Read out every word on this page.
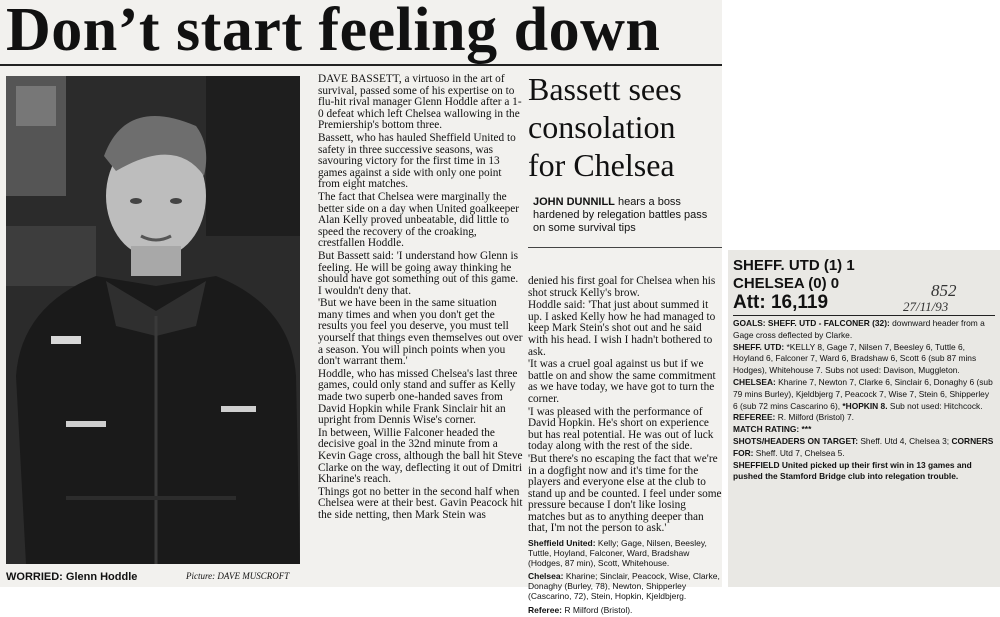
Don’t start feeling down
WORRIED: Glenn Hoddle	Picture: DAVE MUSCROFT

DAVE BASSETT, a virtuoso in the art of survival, passed some of his expertise on to flu-hit rival manager Glenn Hoddle after a 1-0 defeat which left Chelsea wallowing in the Premiership's bottom three.

Bassett, who has hauled Sheffield United to safety in three successive seasons, was savouring victory for the first time in 13 games against a side with only one point from eight matches.

The fact that Chelsea were marginally the better side on a day when United goalkeeper Alan Kelly proved unbeatable, did little to speed the recovery of the croaking, crestfallen Hoddle.

But Bassett said: 'I understand how Glenn is feeling. He will be going away thinking he should have got something out of this game. I wouldn't deny that.

'But we have been in the same situation many times and when you don't get the results you feel you deserve, you must tell yourself that things even themselves out over a season. You will pinch points when you don't warrant them.'

Hoddle, who has missed Chelsea's last three games, could only stand and suffer as Kelly made two superb one-handed saves from David Hopkin while Frank Sinclair hit an upright from Dennis Wise's corner.

In between, Willie Falconer headed the decisive goal in the 32nd minute from a Kevin Gage cross, although the ball hit Steve Clarke on the way, deflecting it out of Dmitri Kharine's reach.

Things got no better in the second half when Chelsea were at their best. Gavin Peacock hit the side netting, then Mark Stein was

Bassett sees
consolation
for Chelsea
JOHN DUNNILL hears a boss hardened by relegation battles pass on some survival tips

denied his first goal for Chelsea when his shot struck Kelly's brow.

Hoddle said: 'That just about summed it up. I asked Kelly how he had managed to keep Mark Stein's shot out and he said with his head. I wish I hadn't bothered to ask.

'It was a cruel goal against us but if we battle on and show the same commitment as we have today, we have got to turn the corner.

'I was pleased with the performance of David Hopkin. He's short on experience but has real potential. He was out of luck today along with the rest of the side.

'But there's no escaping the fact that we're in a dogfight now and it's time for the players and everyone else at the club to stand up and be counted. I feel under some pressure because I don't like losing matches but as to anything deeper than that, I'm not the person to ask.'

Sheffield United: Kelly; Gage, Nilsen, Beesley, Tuttle, Hoyland, Falconer, Ward, Bradshaw (Hodges, 87 min), Scott, Whitehouse.

Chelsea: Kharine; Sinclair, Peacock, Wise, Clarke, Donaghy (Burley, 78), Newton, Shipperley (Cascarino, 72), Stein, Hopkin, Kjeldbjerg.

Referee: R Milford (Bristol).

SHEFF. UTD (1) 1
CHELSEA (0) 0
Att: 16,119
852
27/11/93
GOALS: SHEFF. UTD - FALCONER (32): downward header from a Gage cross deflected by Clarke.
SHEFF. UTD: *KELLY 8, Gage 7, Nilsen 7, Beesley 6, Tuttle 6, Hoyland 6, Falconer 7, Ward 6, Bradshaw 6, Scott 6 (sub 87 mins Hodges), Whitehouse 7. Subs not used: Davison, Muggleton.
CHELSEA: Kharine 7, Newton 7, Clarke 6, Sinclair 6, Donaghy 6 (sub 79 mins Burley), Kjeldbjerg 7, Peacock 7, Wise 7, Stein 6, Shipperley 6 (sub 72 mins Cascarino 6), *HOPKIN 8. Sub not used: Hitchcock.
REFEREE: R. Milford (Bristol) 7.
MATCH RATING: ***
SHOTS/HEADERS ON TARGET: Sheff. Utd 4, Chelsea 3; CORNERS FOR: Sheff. Utd 7, Chelsea 5.
SHEFFIELD United picked up their first win in 13 games and pushed the Stamford Bridge club into relegation trouble.
